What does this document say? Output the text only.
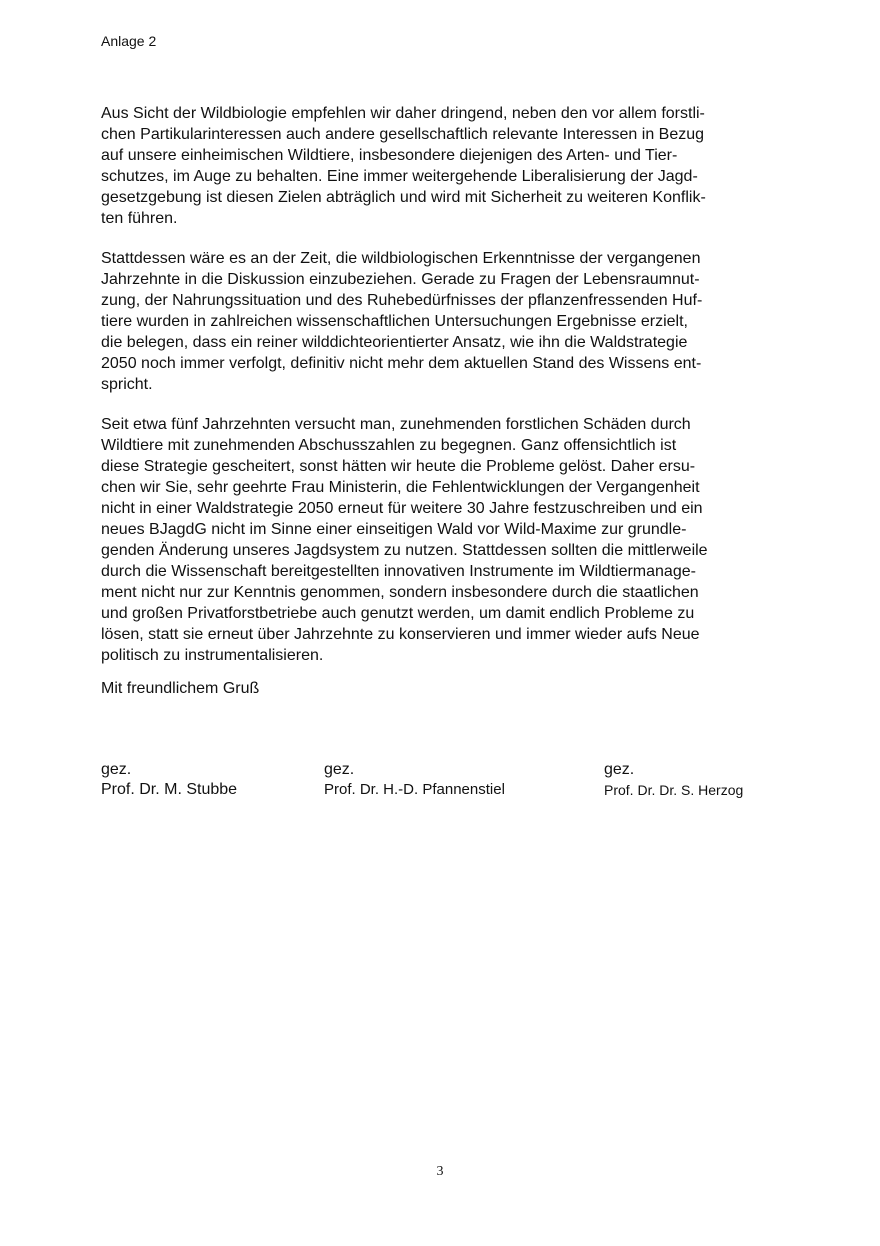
Anlage 2
Aus Sicht der Wildbiologie empfehlen wir daher dringend, neben den vor allem forstli-
chen Partikularinteressen auch andere gesellschaftlich relevante Interessen in Bezug
auf unsere einheimischen Wildtiere, insbesondere diejenigen des Arten- und Tier-
schutzes, im Auge zu behalten. Eine immer weitergehende Liberalisierung der Jagd-
gesetzgebung ist diesen Zielen abträglich und wird mit Sicherheit zu weiteren Konflik-
ten führen.
Stattdessen wäre es an der Zeit, die wildbiologischen Erkenntnisse der vergangenen
Jahrzehnte in die Diskussion einzubeziehen. Gerade zu Fragen der Lebensraumnut-
zung, der Nahrungssituation und des Ruhebedürfnisses der pflanzenfressenden Huf-
tiere wurden in zahlreichen wissenschaftlichen Untersuchungen Ergebnisse erzielt,
die belegen, dass ein reiner wilddichteorientierter Ansatz, wie ihn die Waldstrategie
2050 noch immer verfolgt, definitiv nicht mehr dem aktuellen Stand des Wissens ent-
spricht.
Seit etwa fünf Jahrzehnten versucht man, zunehmenden forstlichen Schäden durch
Wildtiere mit zunehmenden Abschusszahlen zu begegnen. Ganz offensichtlich ist
diese Strategie gescheitert, sonst hätten wir heute die Probleme gelöst. Daher ersu-
chen wir Sie, sehr geehrte Frau Ministerin, die Fehlentwicklungen der Vergangenheit
nicht in einer Waldstrategie 2050 erneut für weitere 30 Jahre festzuschreiben und ein
neues BJagdG nicht im Sinne einer einseitigen Wald vor Wild-Maxime zur grundle-
genden Änderung unseres Jagdsystem zu nutzen. Stattdessen sollten die mittlerweile
durch die Wissenschaft bereitgestellten innovativen Instrumente im Wildtiermanage-
ment nicht nur zur Kenntnis genommen, sondern insbesondere durch die staatlichen
und großen Privatforstbetriebe auch genutzt werden, um damit endlich Probleme zu
lösen, statt sie erneut über Jahrzehnte zu konservieren und immer wieder aufs Neue
politisch zu instrumentalisieren.
Mit freundlichem Gruß
gez.
Prof. Dr. M. Stubbe
gez.
Prof. Dr. H.-D. Pfannenstiel
gez.
Prof. Dr. Dr. S. Herzog
3
